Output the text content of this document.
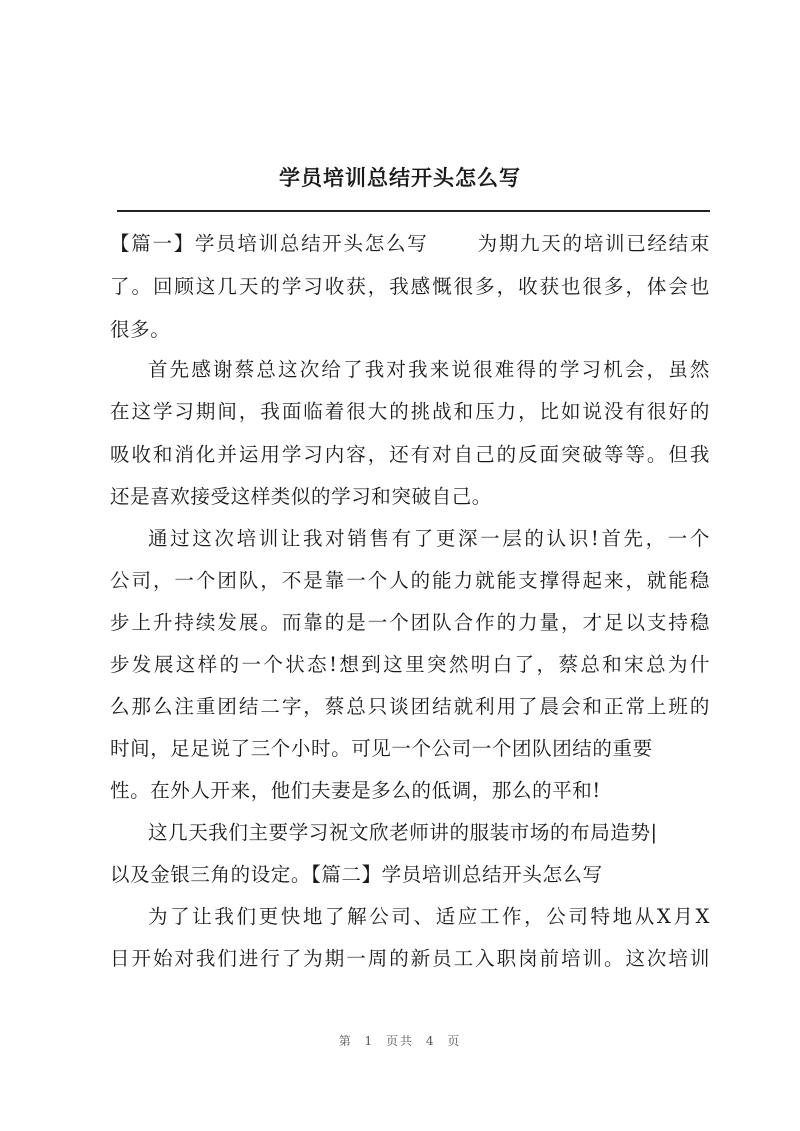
学员培训总结开头怎么写
【篇一】学员培训总结开头怎么写 为期九天的培训已经结束
了。回顾这几天的学习收获，我感慨很多，收获也很多，体会也
很多。
首先感谢蔡总这次给了我对我来说很难得的学习机会，虽然
在这学习期间，我面临着很大的挑战和压力，比如说没有很好的
吸收和消化并运用学习内容，还有对自己的反面突破等等。但我
还是喜欢接受这样类似的学习和突破自己。
通过这次培训让我对销售有了更深一层的认识!首先，一个
公司，一个团队，不是靠一个人的能力就能支撑得起来，就能稳
步上升持续发展。而靠的是一个团队合作的力量，才足以支持稳
步发展这样的一个状态!想到这里突然明白了，蔡总和宋总为什
么那么注重团结二字，蔡总只谈团结就利用了晨会和正常上班的
时间，足足说了三个小时。可见一个公司一个团队团结的重要
性。在外人开来，他们夫妻是多么的低调，那么的平和!
这几天我们主要学习祝文欣老师讲的服装市场的布局造势|
以及金银三角的设定。【篇二】学员培训总结开头怎么写
为了让我们更快地了解公司、适应工作，公司特地从X月X
日开始对我们进行了为期一周的新员工入职岗前培训。这次培训
第 1 页共 4 页
